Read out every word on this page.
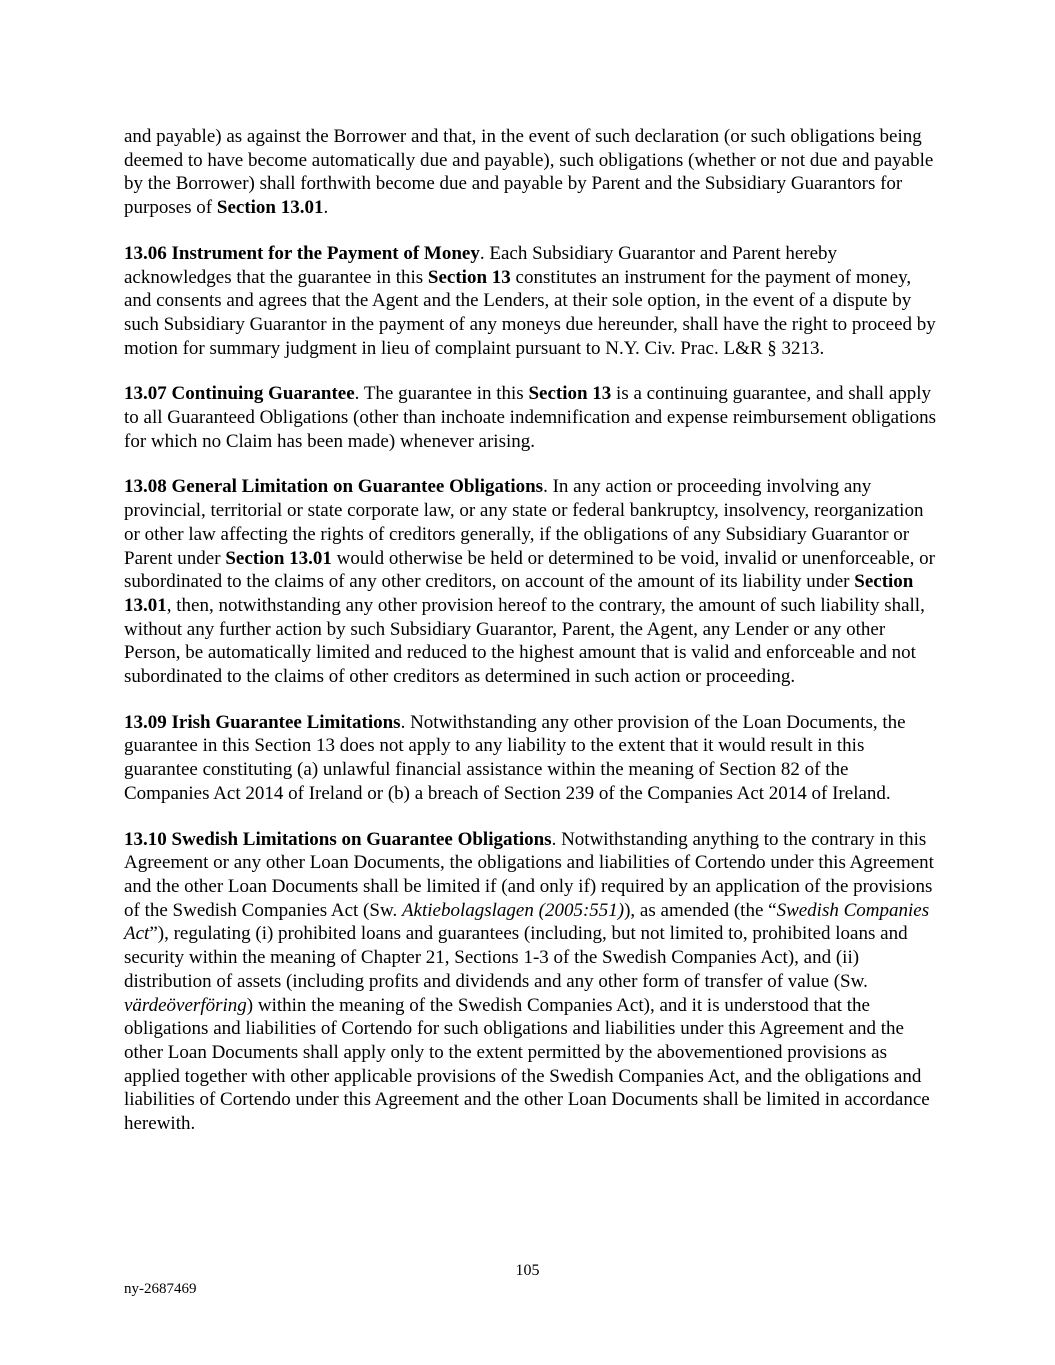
and payable) as against the Borrower and that, in the event of such declaration (or such obligations being deemed to have become automatically due and payable), such obligations (whether or not due and payable by the Borrower) shall forthwith become due and payable by Parent and the Subsidiary Guarantors for purposes of Section 13.01.

13.06 Instrument for the Payment of Money. Each Subsidiary Guarantor and Parent hereby acknowledges that the guarantee in this Section 13 constitutes an instrument for the payment of money, and consents and agrees that the Agent and the Lenders, at their sole option, in the event of a dispute by such Subsidiary Guarantor in the payment of any moneys due hereunder, shall have the right to proceed by motion for summary judgment in lieu of complaint pursuant to N.Y. Civ. Prac. L&R § 3213.

13.07 Continuing Guarantee. The guarantee in this Section 13 is a continuing guarantee, and shall apply to all Guaranteed Obligations (other than inchoate indemnification and expense reimbursement obligations for which no Claim has been made) whenever arising.

13.08 General Limitation on Guarantee Obligations. In any action or proceeding involving any provincial, territorial or state corporate law, or any state or federal bankruptcy, insolvency, reorganization or other law affecting the rights of creditors generally, if the obligations of any Subsidiary Guarantor or Parent under Section 13.01 would otherwise be held or determined to be void, invalid or unenforceable, or subordinated to the claims of any other creditors, on account of the amount of its liability under Section 13.01, then, notwithstanding any other provision hereof to the contrary, the amount of such liability shall, without any further action by such Subsidiary Guarantor, Parent, the Agent, any Lender or any other Person, be automatically limited and reduced to the highest amount that is valid and enforceable and not subordinated to the claims of other creditors as determined in such action or proceeding.

13.09 Irish Guarantee Limitations. Notwithstanding any other provision of the Loan Documents, the guarantee in this Section 13 does not apply to any liability to the extent that it would result in this guarantee constituting (a) unlawful financial assistance within the meaning of Section 82 of the Companies Act 2014 of Ireland or (b) a breach of Section 239 of the Companies Act 2014 of Ireland.

13.10 Swedish Limitations on Guarantee Obligations. Notwithstanding anything to the contrary in this Agreement or any other Loan Documents, the obligations and liabilities of Cortendo under this Agreement and the other Loan Documents shall be limited if (and only if) required by an application of the provisions of the Swedish Companies Act (Sw. Aktiebolagslagen (2005:551)), as amended (the “Swedish Companies Act”), regulating (i) prohibited loans and guarantees (including, but not limited to, prohibited loans and security within the meaning of Chapter 21, Sections 1-3 of the Swedish Companies Act), and (ii) distribution of assets (including profits and dividends and any other form of transfer of value (Sw. värdeöverföring) within the meaning of the Swedish Companies Act), and it is understood that the obligations and liabilities of Cortendo for such obligations and liabilities under this Agreement and the other Loan Documents shall apply only to the extent permitted by the abovementioned provisions as applied together with other applicable provisions of the Swedish Companies Act, and the obligations and liabilities of Cortendo under this Agreement and the other Loan Documents shall be limited in accordance herewith.

105
ny-2687469
